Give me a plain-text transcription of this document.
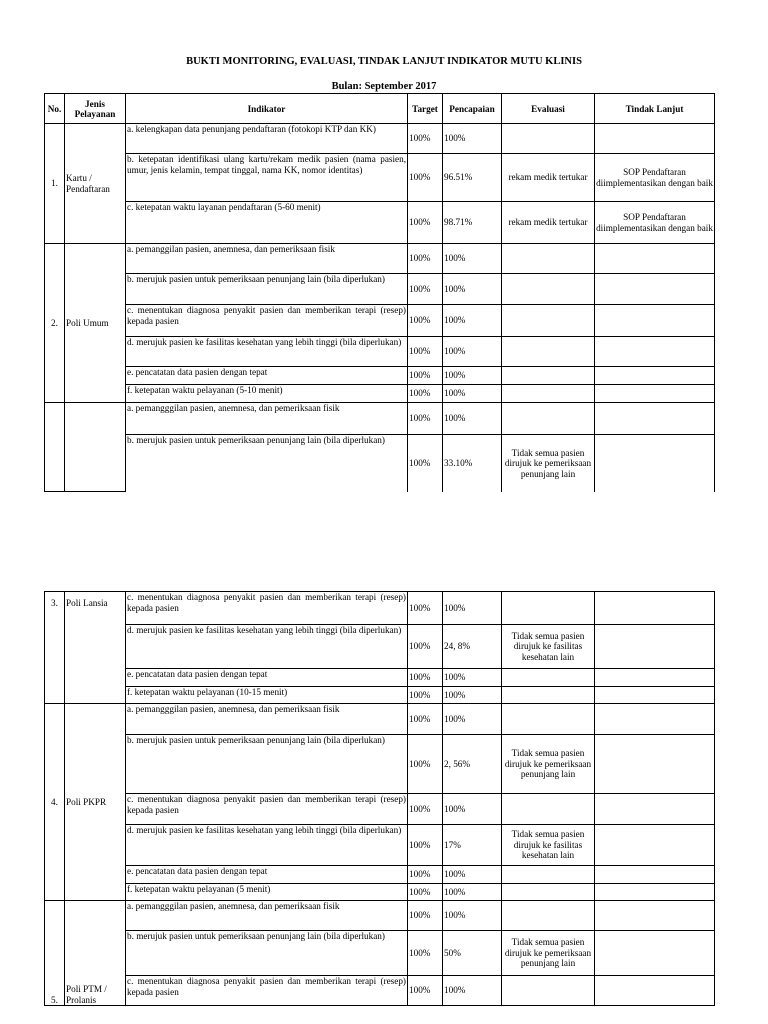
BUKTI MONITORING, EVALUASI, TINDAK LANJUT INDIKATOR MUTU KLINIS
Bulan: September 2017
No.	Jenis Pelayanan	Indikator	Target	Pencapaian	Evaluasi	Tindak Lanjut
1.	Kartu / Pendaftaran	a. kelengkapan data penunjang pendaftaran (fotokopi KTP dan KK)	100%	100%		
		b. ketepatan identifikasi ulang kartu/rekam medik pasien (nama pasien, umur, jenis kelamin, tempat tinggal, nama KK, nomor identitas)	100%	96.51%	rekam medik tertukar	SOP Pendaftaran diimplementasikan dengan baik
		c. ketepatan waktu layanan pendaftaran (5-60 menit)	100%	98.71%	rekam medik tertukar	SOP Pendaftaran diimplementasikan dengan baik
2.	Poli Umum	a. pemanggilan pasien, anemnesa, dan pemeriksaan fisik	100%	100%		
		b. merujuk pasien untuk pemeriksaan penunjang lain (bila diperlukan)	100%	100%		
		c. menentukan diagnosa penyakit pasien dan memberikan terapi (resep) kepada pasien	100%	100%		
		d. merujuk pasien ke fasilitas kesehatan yang lebih tinggi (bila diperlukan)	100%	100%		
		e. pencatatan data pasien dengan tepat	100%	100%		
		f. ketepatan waktu pelayanan (5-10 menit)	100%	100%		
		a. pemangggilan pasien, anemnesa, dan pemeriksaan fisik	100%	100%		
		b. merujuk pasien untuk pemeriksaan penunjang lain (bila diperlukan)	100%	33.10%	Tidak semua pasien dirujuk ke pemeriksaan penunjang lain	
3.	Poli Lansia	c. menentukan diagnosa penyakit pasien dan memberikan terapi (resep) kepada pasien	100%	100%		
		d. merujuk pasien ke fasilitas kesehatan yang lebih tinggi (bila diperlukan)	100%	24, 8%	Tidak semua pasien dirujuk ke fasilitas kesehatan lain	
		e. pencatatan data pasien dengan tepat	100%	100%		
		f. ketepatan waktu pelayanan (10-15 menit)	100%	100%		
4.	Poli PKPR	a. pemangggilan pasien, anemnesa, dan pemeriksaan fisik	100%	100%		
		b. merujuk pasien untuk pemeriksaan penunjang lain (bila diperlukan)	100%	2, 56%	Tidak semua pasien dirujuk ke pemeriksaan penunjang lain	
		c. menentukan diagnosa penyakit pasien dan memberikan terapi (resep) kepada pasien	100%	100%		
		d. merujuk pasien ke fasilitas kesehatan yang lebih tinggi (bila diperlukan)	100%	17%	Tidak semua pasien dirujuk ke fasilitas kesehatan lain	
		e. pencatatan data pasien dengan tepat	100%	100%		
		f. ketepatan waktu pelayanan (5 menit)	100%	100%		
5.	Poli PTM / Prolanis	a. pemangggilan pasien, anemnesa, dan pemeriksaan fisik	100%	100%		
		b. merujuk pasien untuk pemeriksaan penunjang lain (bila diperlukan)	100%	50%	Tidak semua pasien dirujuk ke pemeriksaan penunjang lain	
		c. menentukan diagnosa penyakit pasien dan memberikan terapi (resep) kepada pasien	100%	100%		
